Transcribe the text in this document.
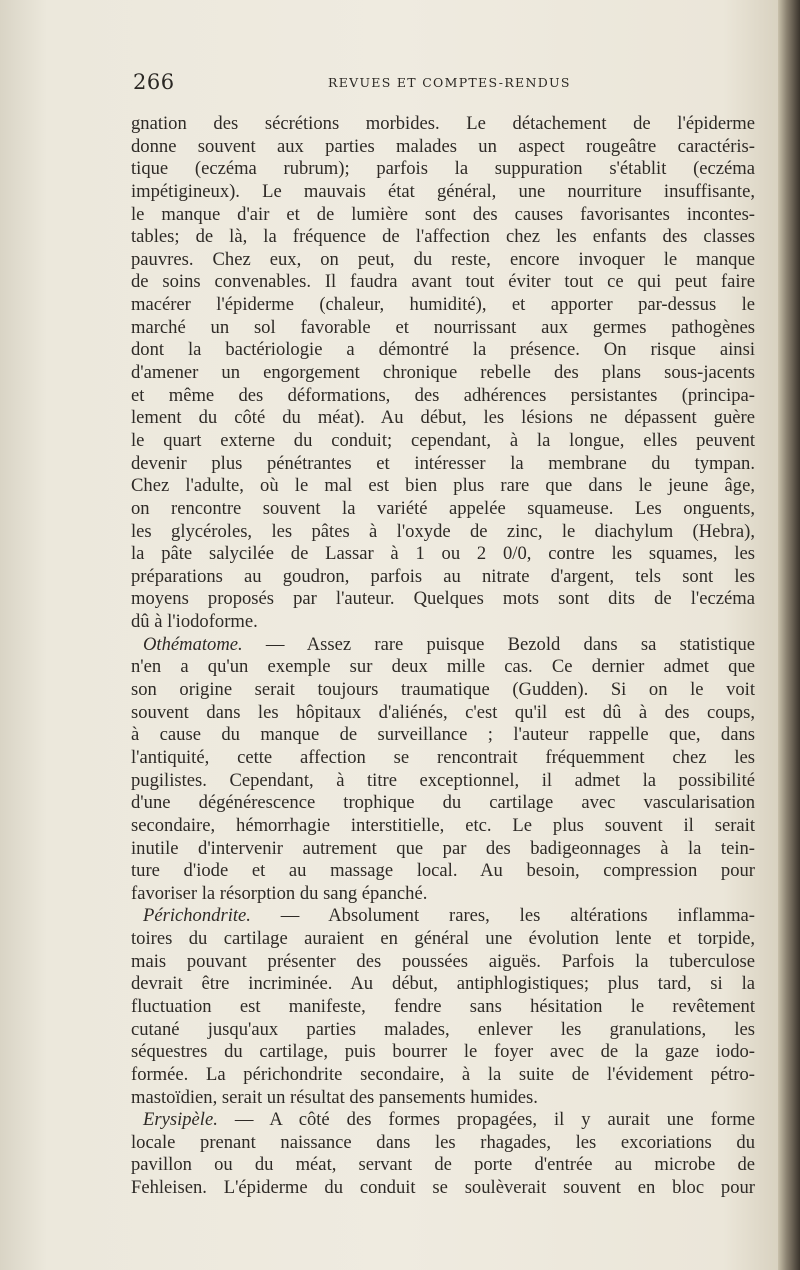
266	REVUES ET COMPTES-RENDUS
gnation des sécrétions morbides. Le détachement de l'épiderme
donne souvent aux parties malades un aspect rougeâtre caractéris-
tique (eczéma rubrum); parfois la suppuration s'établit (eczéma
impétigineux). Le mauvais état général, une nourriture insuffisante,
le manque d'air et de lumière sont des causes favorisantes incontes-
tables; de là, la fréquence de l'affection chez les enfants des classes
pauvres. Chez eux, on peut, du reste, encore invoquer le manque
de soins convenables. Il faudra avant tout éviter tout ce qui peut faire
macérer l'épiderme (chaleur, humidité), et apporter par-dessus le
marché un sol favorable et nourrissant aux germes pathogènes
dont la bactériologie a démontré la présence. On risque ainsi
d'amener un engorgement chronique rebelle des plans sous-jacents
et même des déformations, des adhérences persistantes (principa-
lement du côté du méat). Au début, les lésions ne dépassent guère
le quart externe du conduit; cependant, à la longue, elles peuvent
devenir plus pénétrantes et intéresser la membrane du tympan.
Chez l'adulte, où le mal est bien plus rare que dans le jeune âge,
on rencontre souvent la variété appelée squameuse. Les onguents,
les glycéroles, les pâtes à l'oxyde de zinc, le diachylum (Hebra),
la pâte salycilée de Lassar à 1 ou 2 0/0, contre les squames, les
préparations au goudron, parfois au nitrate d'argent, tels sont les
moyens proposés par l'auteur. Quelques mots sont dits de l'eczéma
dû à l'iodoforme.
Othématome. — Assez rare puisque Bezold dans sa statistique
n'en a qu'un exemple sur deux mille cas. Ce dernier admet que
son origine serait toujours traumatique (Gudden). Si on le voit
souvent dans les hôpitaux d'aliénés, c'est qu'il est dû à des coups,
à cause du manque de surveillance ; l'auteur rappelle que, dans
l'antiquité, cette affection se rencontrait fréquemment chez les
pugilistes. Cependant, à titre exceptionnel, il admet la possibilité
d'une dégénérescence trophique du cartilage avec vascularisation
secondaire, hémorrhagie interstitielle, etc. Le plus souvent il serait
inutile d'intervenir autrement que par des badigeonnages à la tein-
ture d'iode et au massage local. Au besoin, compression pour
favoriser la résorption du sang épanché.
Périchondrite. — Absolument rares, les altérations inflamma-
toires du cartilage auraient en général une évolution lente et torpide,
mais pouvant présenter des poussées aiguës. Parfois la tuberculose
devrait être incriminée. Au début, antiphlogistiques; plus tard, si la
fluctuation est manifeste, fendre sans hésitation le revêtement
cutané jusqu'aux parties malades, enlever les granulations, les
séquestres du cartilage, puis bourrer le foyer avec de la gaze iodo-
formée. La périchondrite secondaire, à la suite de l'évidement pétro-
mastoïdien, serait un résultat des pansements humides.
Erysipèle. — A côté des formes propagées, il y aurait une forme
locale prenant naissance dans les rhagades, les excoriations du
pavillon ou du méat, servant de porte d'entrée au microbe de
Fehleisen. L'épiderme du conduit se soulèverait souvent en bloc pour
